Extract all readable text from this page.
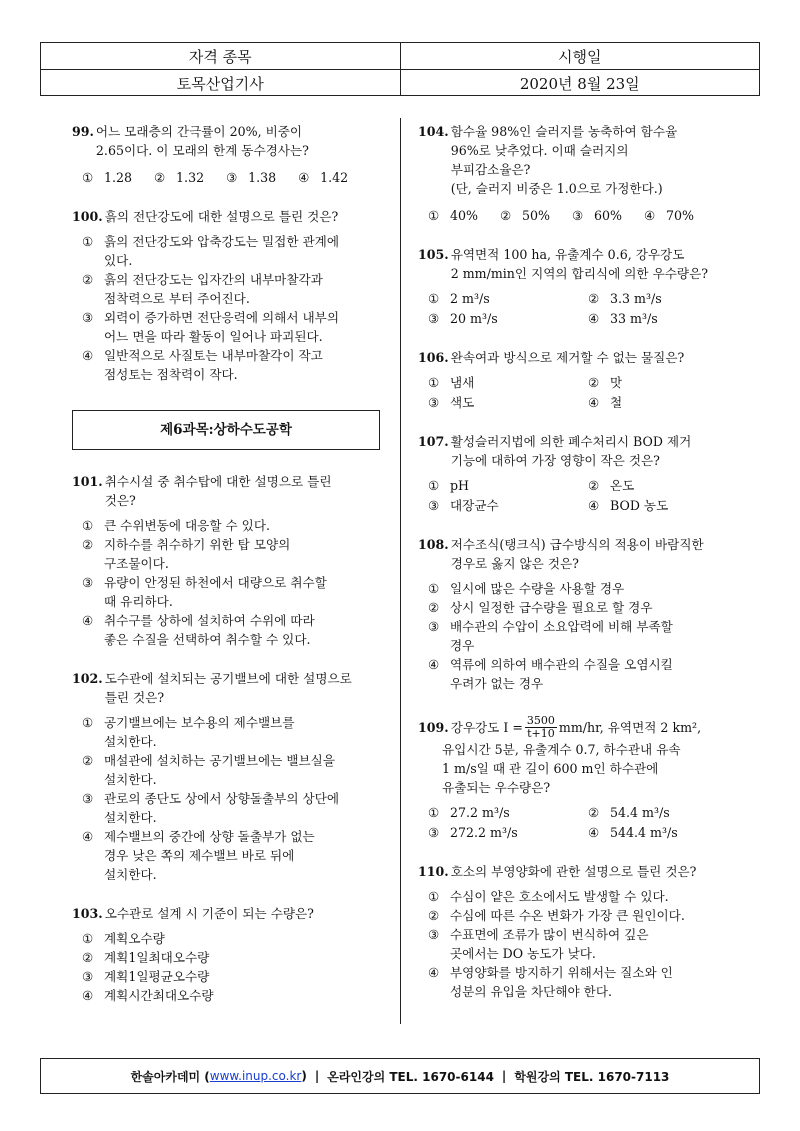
자격 종목	시행일
토목산업기사	2020년 8월 23일
99. 어느 모래층의 간극률이 20%, 비중이
2.65이다. 이 모래의 한계 동수경사는?
① 1.28 ② 1.32 ③ 1.38 ④ 1.42
100. 흙의 전단강도에 대한 설명으로 틀린 것은?
① 흙의 전단강도와 압축강도는 밀접한 관계에
있다.
② 흙의 전단강도는 입자간의 내부마찰각과
점착력으로 부터 주어진다.
③ 외력이 증가하면 전단응력에 의해서 내부의
어느 면을 따라 활동이 일어나 파괴된다.
④ 일반적으로 사질토는 내부마찰각이 작고
점성토는 점착력이 작다.
제6과목:상하수도공학
101. 취수시설 중 취수탑에 대한 설명으로 틀린
것은?
① 큰 수위변동에 대응할 수 있다.
② 지하수를 취수하기 위한 탑 모양의
구조물이다.
③ 유량이 안정된 하천에서 대량으로 취수할
때 유리하다.
④ 취수구를 상하에 설치하여 수위에 따라
좋은 수질을 선택하여 취수할 수 있다.
102. 도수관에 설치되는 공기밸브에 대한 설명으로
틀린 것은?
① 공기밸브에는 보수용의 제수밸브를
설치한다.
② 매설관에 설치하는 공기밸브에는 밸브실을
설치한다.
③ 관로의 종단도 상에서 상향돌출부의 상단에
설치한다.
④ 제수밸브의 중간에 상향 돌출부가 없는
경우 낮은 쪽의 제수밸브 바로 뒤에
설치한다.
103. 오수관로 설계 시 기준이 되는 수량은?
① 계획오수량
② 계획1일최대오수량
③ 계획1일평균오수량
④ 계획시간최대오수량
104. 함수율 98%인 슬러지를 농축하여 함수율
96%로 낮추었다. 이때 슬러지의
부피감소율은?
(단, 슬러지 비중은 1.0으로 가정한다.)
① 40% ② 50% ③ 60% ④ 70%
105. 유역면적 100 ha, 유출계수 0.6, 강우강도
2 mm/min인 지역의 합리식에 의한 우수량은?
① 2 m³/s	② 3.3 m³/s
③ 20 m³/s	④ 33 m³/s
106. 완속여과 방식으로 제거할 수 없는 물질은?
① 냄새	② 맛
③ 색도	④ 철
107. 활성슬러지법에 의한 폐수처리시 BOD 제거
기능에 대하여 가장 영향이 작은 것은?
① pH	② 온도
③ 대장균수	④ BOD 농도
108. 저수조식(탱크식) 급수방식의 적용이 바람직한
경우로 옳지 않은 것은?
① 일시에 많은 수량을 사용할 경우
② 상시 일정한 급수량을 필요로 할 경우
③ 배수관의 수압이 소요압력에 비해 부족할
경우
④ 역류에 의하여 배수관의 수질을 오염시킬
우려가 없는 경우
109. 강우강도 $I = \frac{3500}{t+10} mm/hr$, 유역면적 2 km²,
유입시간 5분, 유출계수 0.7, 하수관내 유속
1 m/s일 때 관 길이 600 m인 하수관에
유출되는 우수량은?
① 27.2 m³/s	② 54.4 m³/s
③ 272.2 m³/s	④ 544.4 m³/s
110. 호소의 부영양화에 관한 설명으로 틀린 것은?
① 수심이 얕은 호소에서도 발생할 수 있다.
② 수심에 따른 수온 변화가 가장 큰 원인이다.
③ 수표면에 조류가 많이 번식하여 깊은
곳에서는 DO 농도가 낮다.
④ 부영양화를 방지하기 위해서는 질소와 인
성분의 유입을 차단해야 한다.
한솔아카데미 ( www.inup.co.kr ) | 온라인강의 TEL. 1670-6144 | 학원강의 TEL. 1670-7113
